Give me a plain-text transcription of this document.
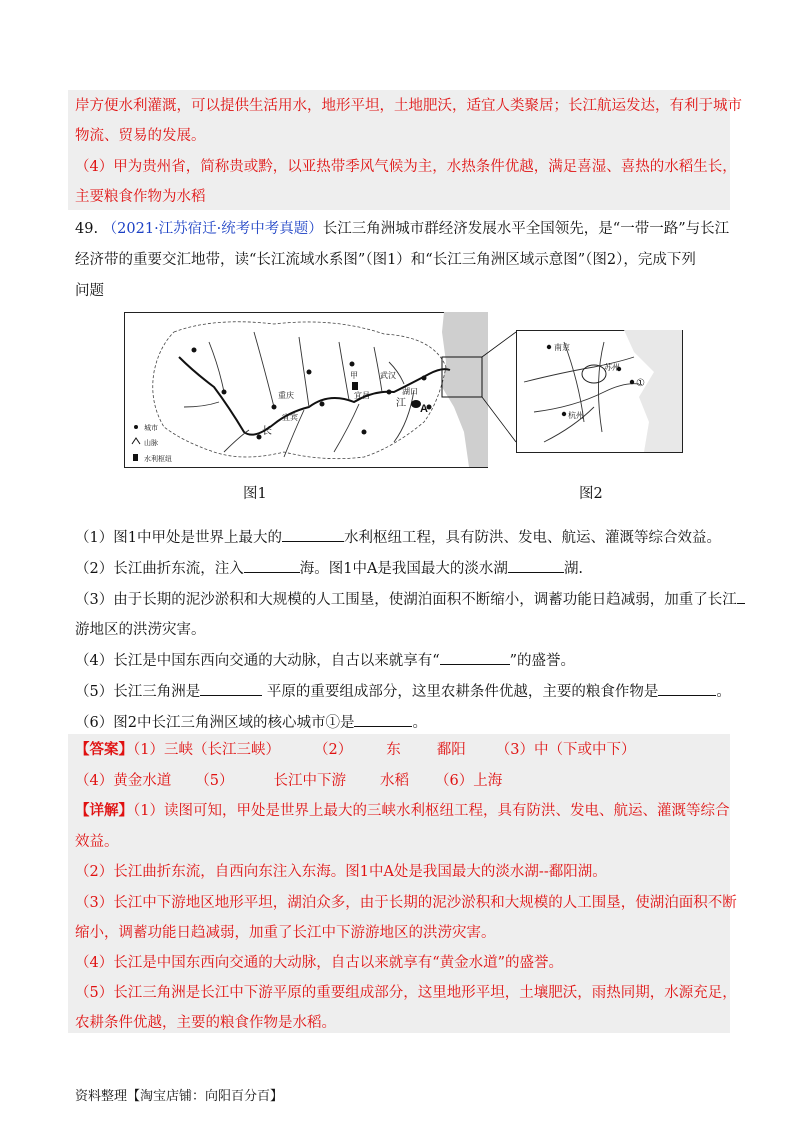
岸方便水利灌溉，可以提供生活用水，地形平坦，土地肥沃，适宜人类聚居；长江航运发达，有利于城市
物流、贸易的发展。
（4）甲为贵州省，简称贵或黔，以亚热带季风气候为主，水热条件优越，满足喜湿、喜热的水稻生长，
主要粮食作物为水稻
49. （2021·江苏宿迁·统考中考真题）长江三角洲城市群经济发展水平全国领先，是“一带一路”与长江
经济带的重要交汇地带，读“长江流域水系图”（图1）和“长江三角洲区域示意图”（图2），完成下列
问题
甲	武汉
重庆	宜昌
宜宾
湖口
江
长
A
城市
山脉
水利枢纽
南京
苏州
杭州
①
图1	图2
（1）图1中甲处是世界上最大的	水利枢纽工程，具有防洪、发电、航运、灌溉等综合效益。
（2）长江曲折东流，注入	海。图1中A是我国最大的淡水湖	湖.
（3）由于长期的泥沙淤积和大规模的人工围垦，使湖泊面积不断缩小，调蓄功能日趋减弱，加重了长江
游地区的洪涝灾害。
（4）长江是中国东西向交通的大动脉，自古以来就享有“	”的盛誉。
（5）长江三角洲是	平原的重要组成部分，这里农耕条件优越，主要的粮食作物是	。
（6）图2中长江三角洲区域的核心城市①是	。
【答案】（1）三峡（长江三峡） （2） 东 鄱阳 （3）中（下或中下）
（4）黄金水道 （5）	长江中下游 水稻 （6）上海
【详解】（1）读图可知，甲处是世界上最大的三峡水利枢纽工程，具有防洪、发电、航运、灌溉等综合
效益。
（2）长江曲折东流，自西向东注入东海。图1中A处是我国最大的淡水湖--鄱阳湖。
（3）长江中下游地区地形平坦，湖泊众多，由于长期的泥沙淤积和大规模的人工围垦，使湖泊面积不断
缩小，调蓄功能日趋减弱，加重了长江中下游游地区的洪涝灾害。
（4）长江是中国东西向交通的大动脉，自古以来就享有“黄金水道”的盛誉。
（5）长江三角洲是长江中下游平原的重要组成部分，这里地形平坦，土壤肥沃，雨热同期，水源充足，
农耕条件优越，主要的粮食作物是水稻。
资料整理【淘宝店铺：向阳百分百】
